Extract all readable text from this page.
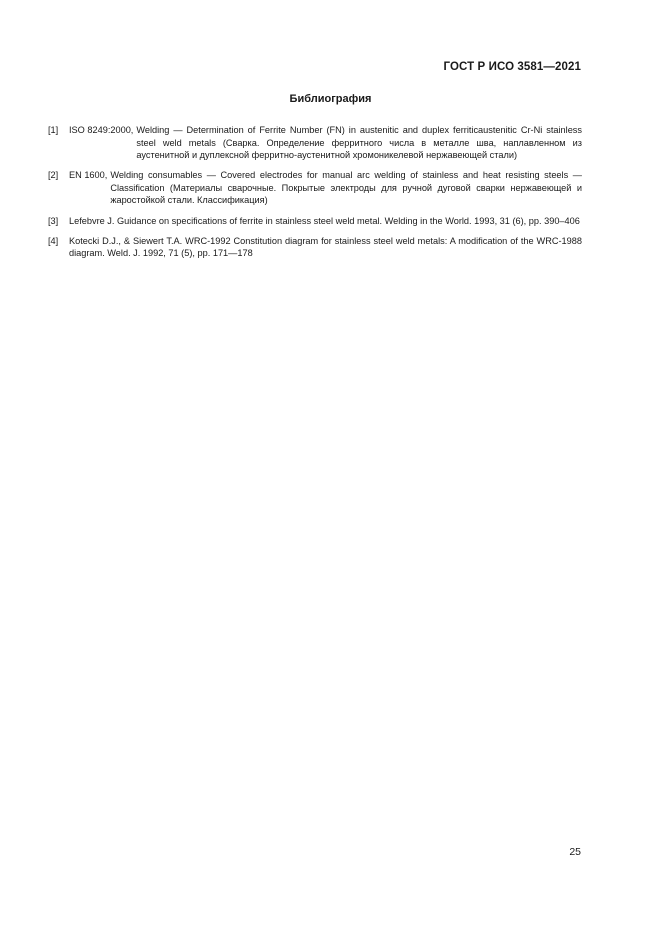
ГОСТ Р ИСО 3581—2021
Библиография
[1]	ISO 8249:2000, Welding — Determination of Ferrite Number (FN) in austenitic and duplex ferriticaustenitic Cr-Ni stainless steel weld metals (Сварка. Определение ферритного числа в металле шва, наплавленном из аустенитной и дуплексной ферритно-аустенитной хромоникелевой нержавеющей стали)
[2]	EN 1600, Welding consumables — Covered electrodes for manual arc welding of stainless and heat resisting steels — Classification (Материалы сварочные. Покрытые электроды для ручной дуговой сварки нержавеющей и жаростойкой стали. Классификация)
[3]	Lefebvre J. Guidance on specifications of ferrite in stainless steel weld metal. Welding in the World. 1993, 31 (6), pp. 390–406
[4]	Kotecki D.J., & Siewert T.A. WRC-1992 Constitution diagram for stainless steel weld metals: A modification of the WRC-1988 diagram. Weld. J. 1992, 71 (5), pp. 171—178
25
